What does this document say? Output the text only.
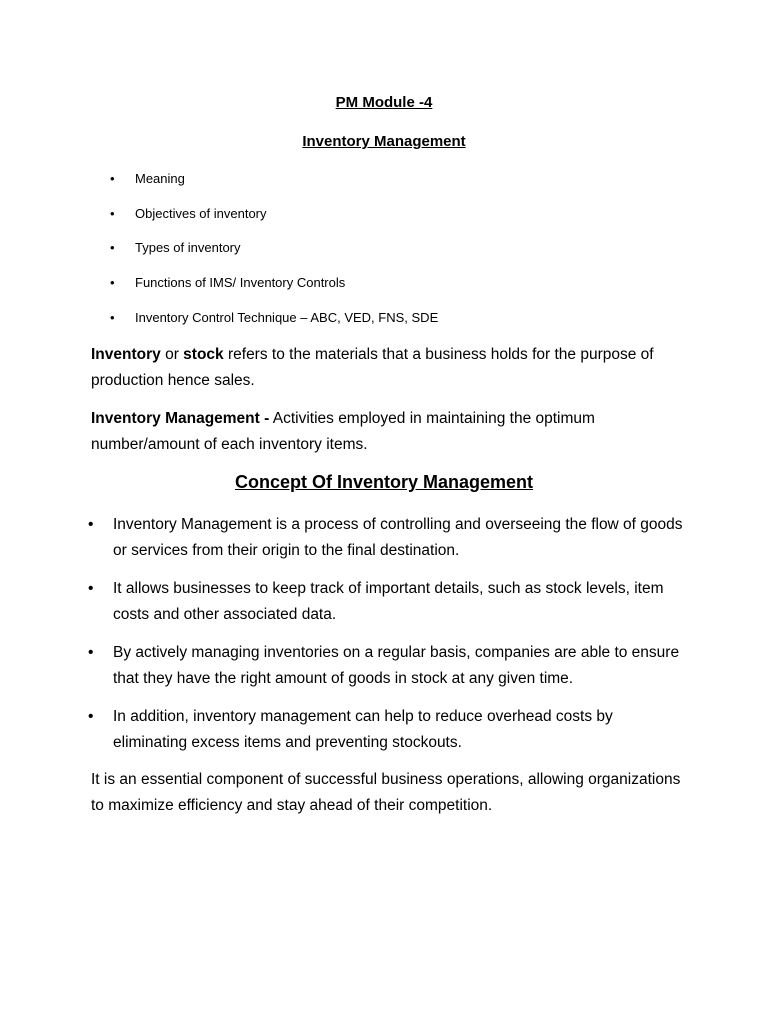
PM Module -4
Inventory Management
• Meaning
• Objectives of inventory
• Types of inventory
• Functions of IMS/ Inventory Controls
• Inventory Control Technique – ABC, VED, FNS, SDE

Inventory or stock refers to the materials that a business holds for the purpose of production hence sales.

Inventory Management - Activities employed in maintaining the optimum number/amount of each inventory items.

Concept Of Inventory Management
• Inventory Management is a process of controlling and overseeing the flow of goods or services from their origin to the final destination.
• It allows businesses to keep track of important details, such as stock levels, item costs and other associated data.
• By actively managing inventories on a regular basis, companies are able to ensure that they have the right amount of goods in stock at any given time.
• In addition, inventory management can help to reduce overhead costs by eliminating excess items and preventing stockouts.

It is an essential component of successful business operations, allowing organizations to maximize efficiency and stay ahead of their competition.
